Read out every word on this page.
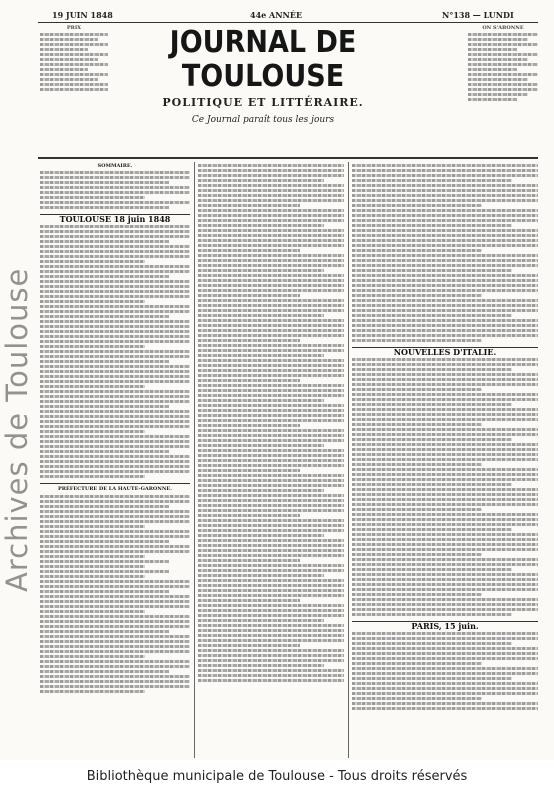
Archives de Toulouse
19 JUIN 1848	44e ANNÉE	N°138 — LUNDI
PRIX	JOURNAL DE TOULOUSE
POLITIQUE ET LITTÉRAIRE.
Ce Journal paraît tous les jours
ON S'ABONNE
SOMMAIRE.
TOULOUSE 18 juin 1848
PRÉFECTURE DE LA HAUTE-GARONNE.
NOUVELLES D'ITALIE.
PARIS, 15 juin.
Bibliothèque municipale de Toulouse - Tous droits réservés
